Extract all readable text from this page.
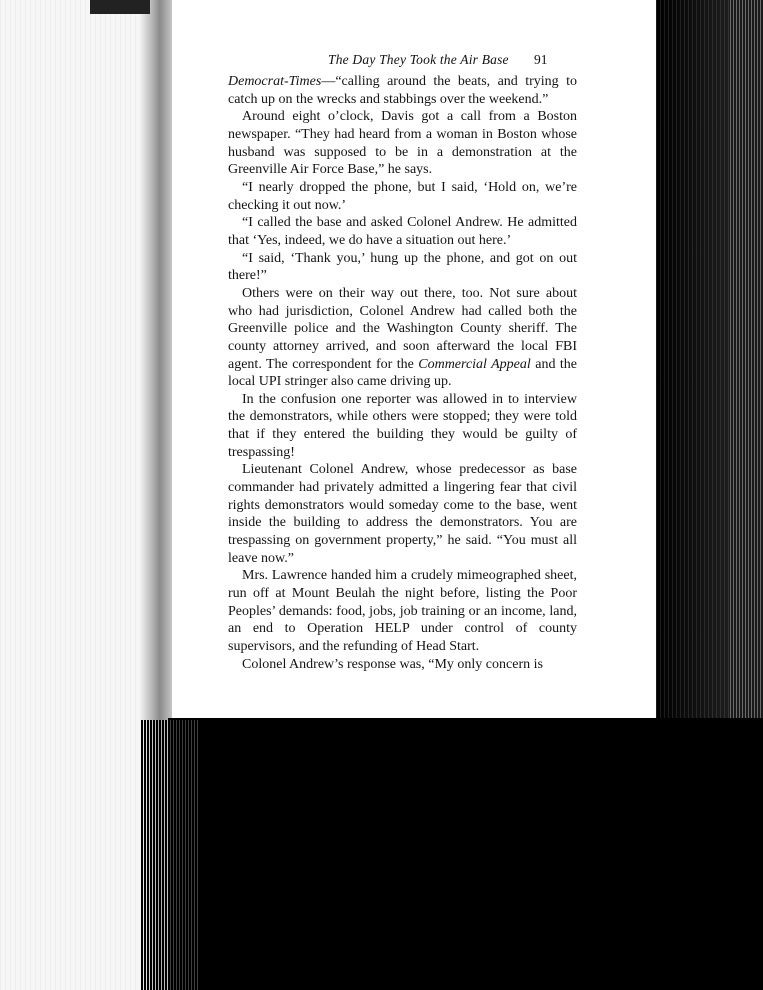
The Day They Took the Air Base	91

Democrat-Times—“calling around the beats, and trying to catch up on the wrecks and stabbings over the weekend.”

Around eight o’clock, Davis got a call from a Boston newspaper. “They had heard from a woman in Boston whose husband was supposed to be in a demonstration at the Greenville Air Force Base,” he says.

“I nearly dropped the phone, but I said, ‘Hold on, we’re checking it out now.’

“I called the base and asked Colonel Andrew. He admitted that ‘Yes, indeed, we do have a situation out here.’

“I said, ‘Thank you,’ hung up the phone, and got on out there!”

Others were on their way out there, too. Not sure about who had jurisdiction, Colonel Andrew had called both the Greenville police and the Washington County sheriff. The county attorney arrived, and soon afterward the local FBI agent. The correspondent for the Commercial Appeal and the local UPI stringer also came driving up.

In the confusion one reporter was allowed in to interview the demonstrators, while others were stopped; they were told that if they entered the building they would be guilty of trespassing!

Lieutenant Colonel Andrew, whose predecessor as base commander had privately admitted a lingering fear that civil rights demonstrators would someday come to the base, went inside the building to address the demonstrators. You are trespassing on government property,” he said. “You must all leave now.”

Mrs. Lawrence handed him a crudely mimeographed sheet, run off at Mount Beulah the night before, listing the Poor Peoples’ demands: food, jobs, job training or an income, land, an end to Operation HELP under control of county supervisors, and the refunding of Head Start.

Colonel Andrew’s response was, “My only concern is
